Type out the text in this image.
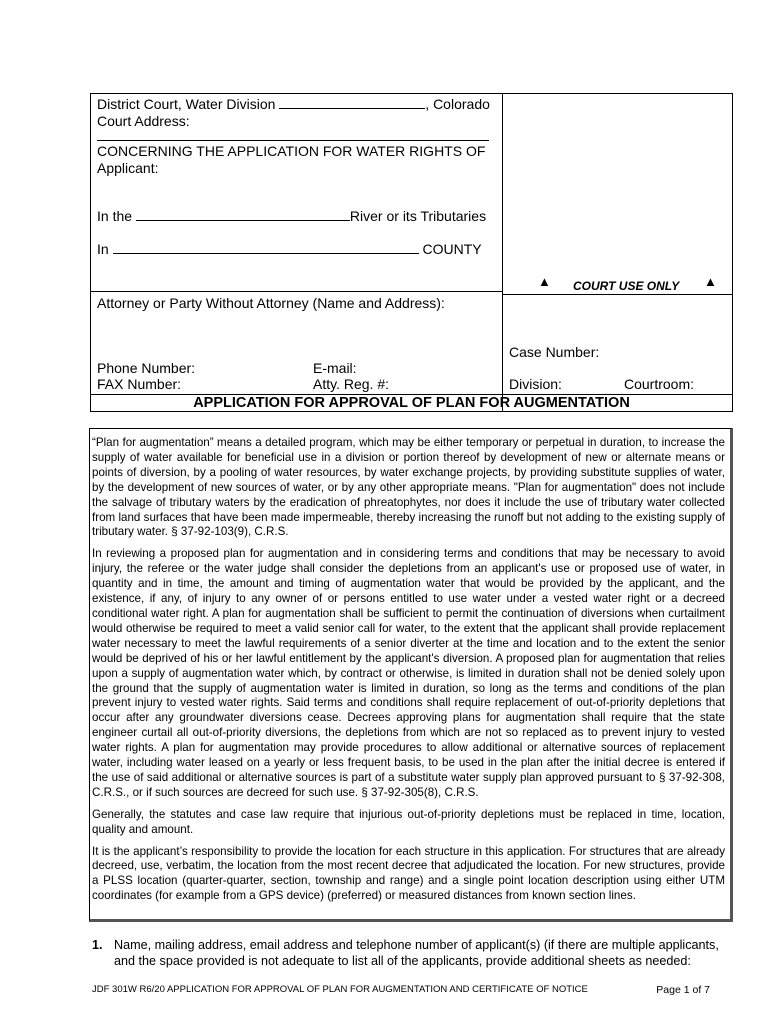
District Court, Water Division	, Colorado
Court Address:
CONCERNING THE APPLICATION FOR WATER RIGHTS OF
Applicant:
In the	River or its Tributaries
In	COUNTY
Attorney or Party Without Attorney (Name and Address):
Phone Number:	E-mail:
FAX Number:	Atty. Reg. #:
▲ COURT USE ONLY ▲
Case Number:
Division:	Courtroom:
APPLICATION FOR APPROVAL OF PLAN FOR AUGMENTATION

“Plan for augmentation” means a detailed program, which may be either temporary or perpetual in duration, to increase the supply of water available for beneficial use in a division or portion thereof by development of new or alternate means or points of diversion, by a pooling of water resources, by water exchange projects, by providing substitute supplies of water, by the development of new sources of water, or by any other appropriate means. "Plan for augmentation" does not include the salvage of tributary waters by the eradication of phreatophytes, nor does it include the use of tributary water collected from land surfaces that have been made impermeable, thereby increasing the runoff but not adding to the existing supply of tributary water. § 37-92-103(9), C.R.S.

In reviewing a proposed plan for augmentation and in considering terms and conditions that may be necessary to avoid injury, the referee or the water judge shall consider the depletions from an applicant's use or proposed use of water, in quantity and in time, the amount and timing of augmentation water that would be provided by the applicant, and the existence, if any, of injury to any owner of or persons entitled to use water under a vested water right or a decreed conditional water right. A plan for augmentation shall be sufficient to permit the continuation of diversions when curtailment would otherwise be required to meet a valid senior call for water, to the extent that the applicant shall provide replacement water necessary to meet the lawful requirements of a senior diverter at the time and location and to the extent the senior would be deprived of his or her lawful entitlement by the applicant's diversion. A proposed plan for augmentation that relies upon a supply of augmentation water which, by contract or otherwise, is limited in duration shall not be denied solely upon the ground that the supply of augmentation water is limited in duration, so long as the terms and conditions of the plan prevent injury to vested water rights. Said terms and conditions shall require replacement of out-of-priority depletions that occur after any groundwater diversions cease. Decrees approving plans for augmentation shall require that the state engineer curtail all out-of-priority diversions, the depletions from which are not so replaced as to prevent injury to vested water rights. A plan for augmentation may provide procedures to allow additional or alternative sources of replacement water, including water leased on a yearly or less frequent basis, to be used in the plan after the initial decree is entered if the use of said additional or alternative sources is part of a substitute water supply plan approved pursuant to § 37-92-308, C.R.S., or if such sources are decreed for such use. § 37-92-305(8), C.R.S.

Generally, the statutes and case law require that injurious out-of-priority depletions must be replaced in time, location, quality and amount.

It is the applicant’s responsibility to provide the location for each structure in this application. For structures that are already decreed, use, verbatim, the location from the most recent decree that adjudicated the location. For new structures, provide a PLSS location (quarter-quarter, section, township and range) and a single point location description using either UTM coordinates (for example from a GPS device) (preferred) or measured distances from known section lines.

1. Name, mailing address, email address and telephone number of applicant(s) (if there are multiple applicants, and the space provided is not adequate to list all of the applicants, provide additional sheets as needed:
JDF 301W R6/20 APPLICATION FOR APPROVAL OF PLAN FOR AUGMENTATION AND CERTIFICATE OF NOTICE	Page 1 of 7
